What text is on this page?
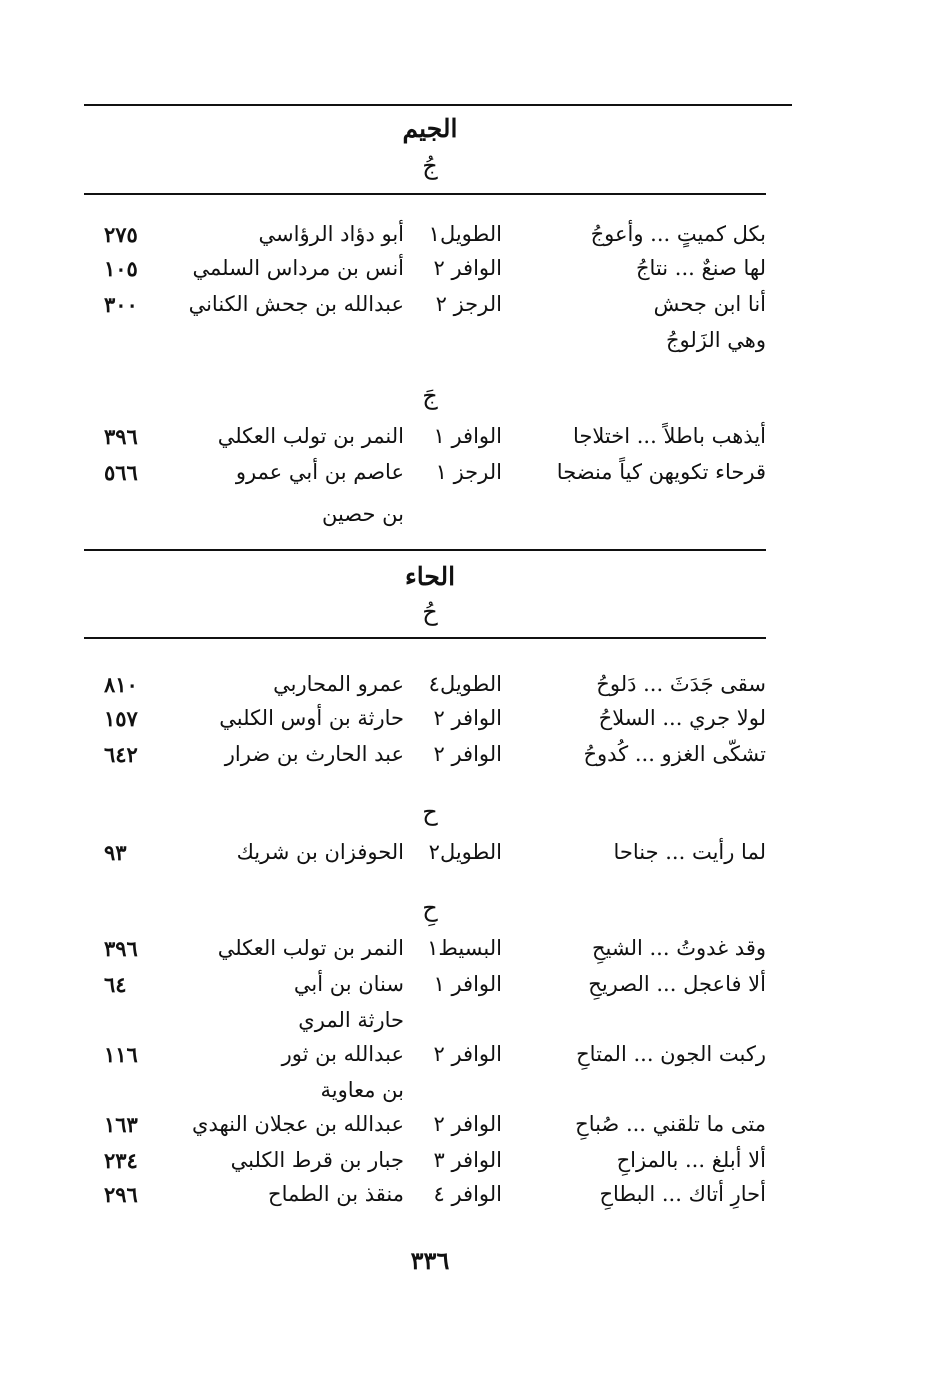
الجيم
جُ
بكل كميتٍ ... وأعوجُ
الطويل١
أبو دؤاد الرؤاسي
٢٧٥
لها صنعٌ ... نتاجُ
الوافر ٢
أنس بن مرداس السلمي
١٠٥
أنا ابن جحش
الرجز ٢
عبدالله بن جحش الكناني
٣٠٠
وهي الزَلوجُ
جَ
أيذهب باطلاً ... اختلاجا
الوافر ١
النمر بن تولب العكلي
٣٩٦
قرحاء تكويهن كياً منضجا
الرجز ١
عاصم بن أبي عمرو
٥٦٦
بن حصين
الحاء
حُ
سقى جَدَثَ ... دَلوحُ
الطويل٤
عمرو المحاربي
٨١٠
لولا جري ... السلاحُ
الوافر ٢
حارثة بن أوس الكلبي
١٥٧
تشكّى الغزو ... كُدوحُ
الوافر ٢
عبد الحارث بن ضرار
٦٤٢
ح
لما رأيت ... جناحا
الطويل٢
الحوفزان بن شريك
٩٣
حِ
وقد غدوتُ ... الشيحِ
البسيط١
النمر بن تولب العكلي
٣٩٦
ألا فاعجل ... الصريحِ
الوافر ١
سنان بن أبي
٦٤
حارثة المري
ركبت الجون ... المتاحِ
الوافر ٢
عبدالله بن ثور
١١٦
بن معاوية
متى ما تلقني ... صُباحِ
الوافر ٢
عبدالله بن عجلان النهدي
١٦٣
ألا أبلغ ... بالمزاحِ
الوافر ٣
جبار بن قرط الكلبي
٢٣٤
أحارِ أتاك ... البطاحِ
الوافر ٤
منقذ بن الطماح
٢٩٦
٣٣٦
